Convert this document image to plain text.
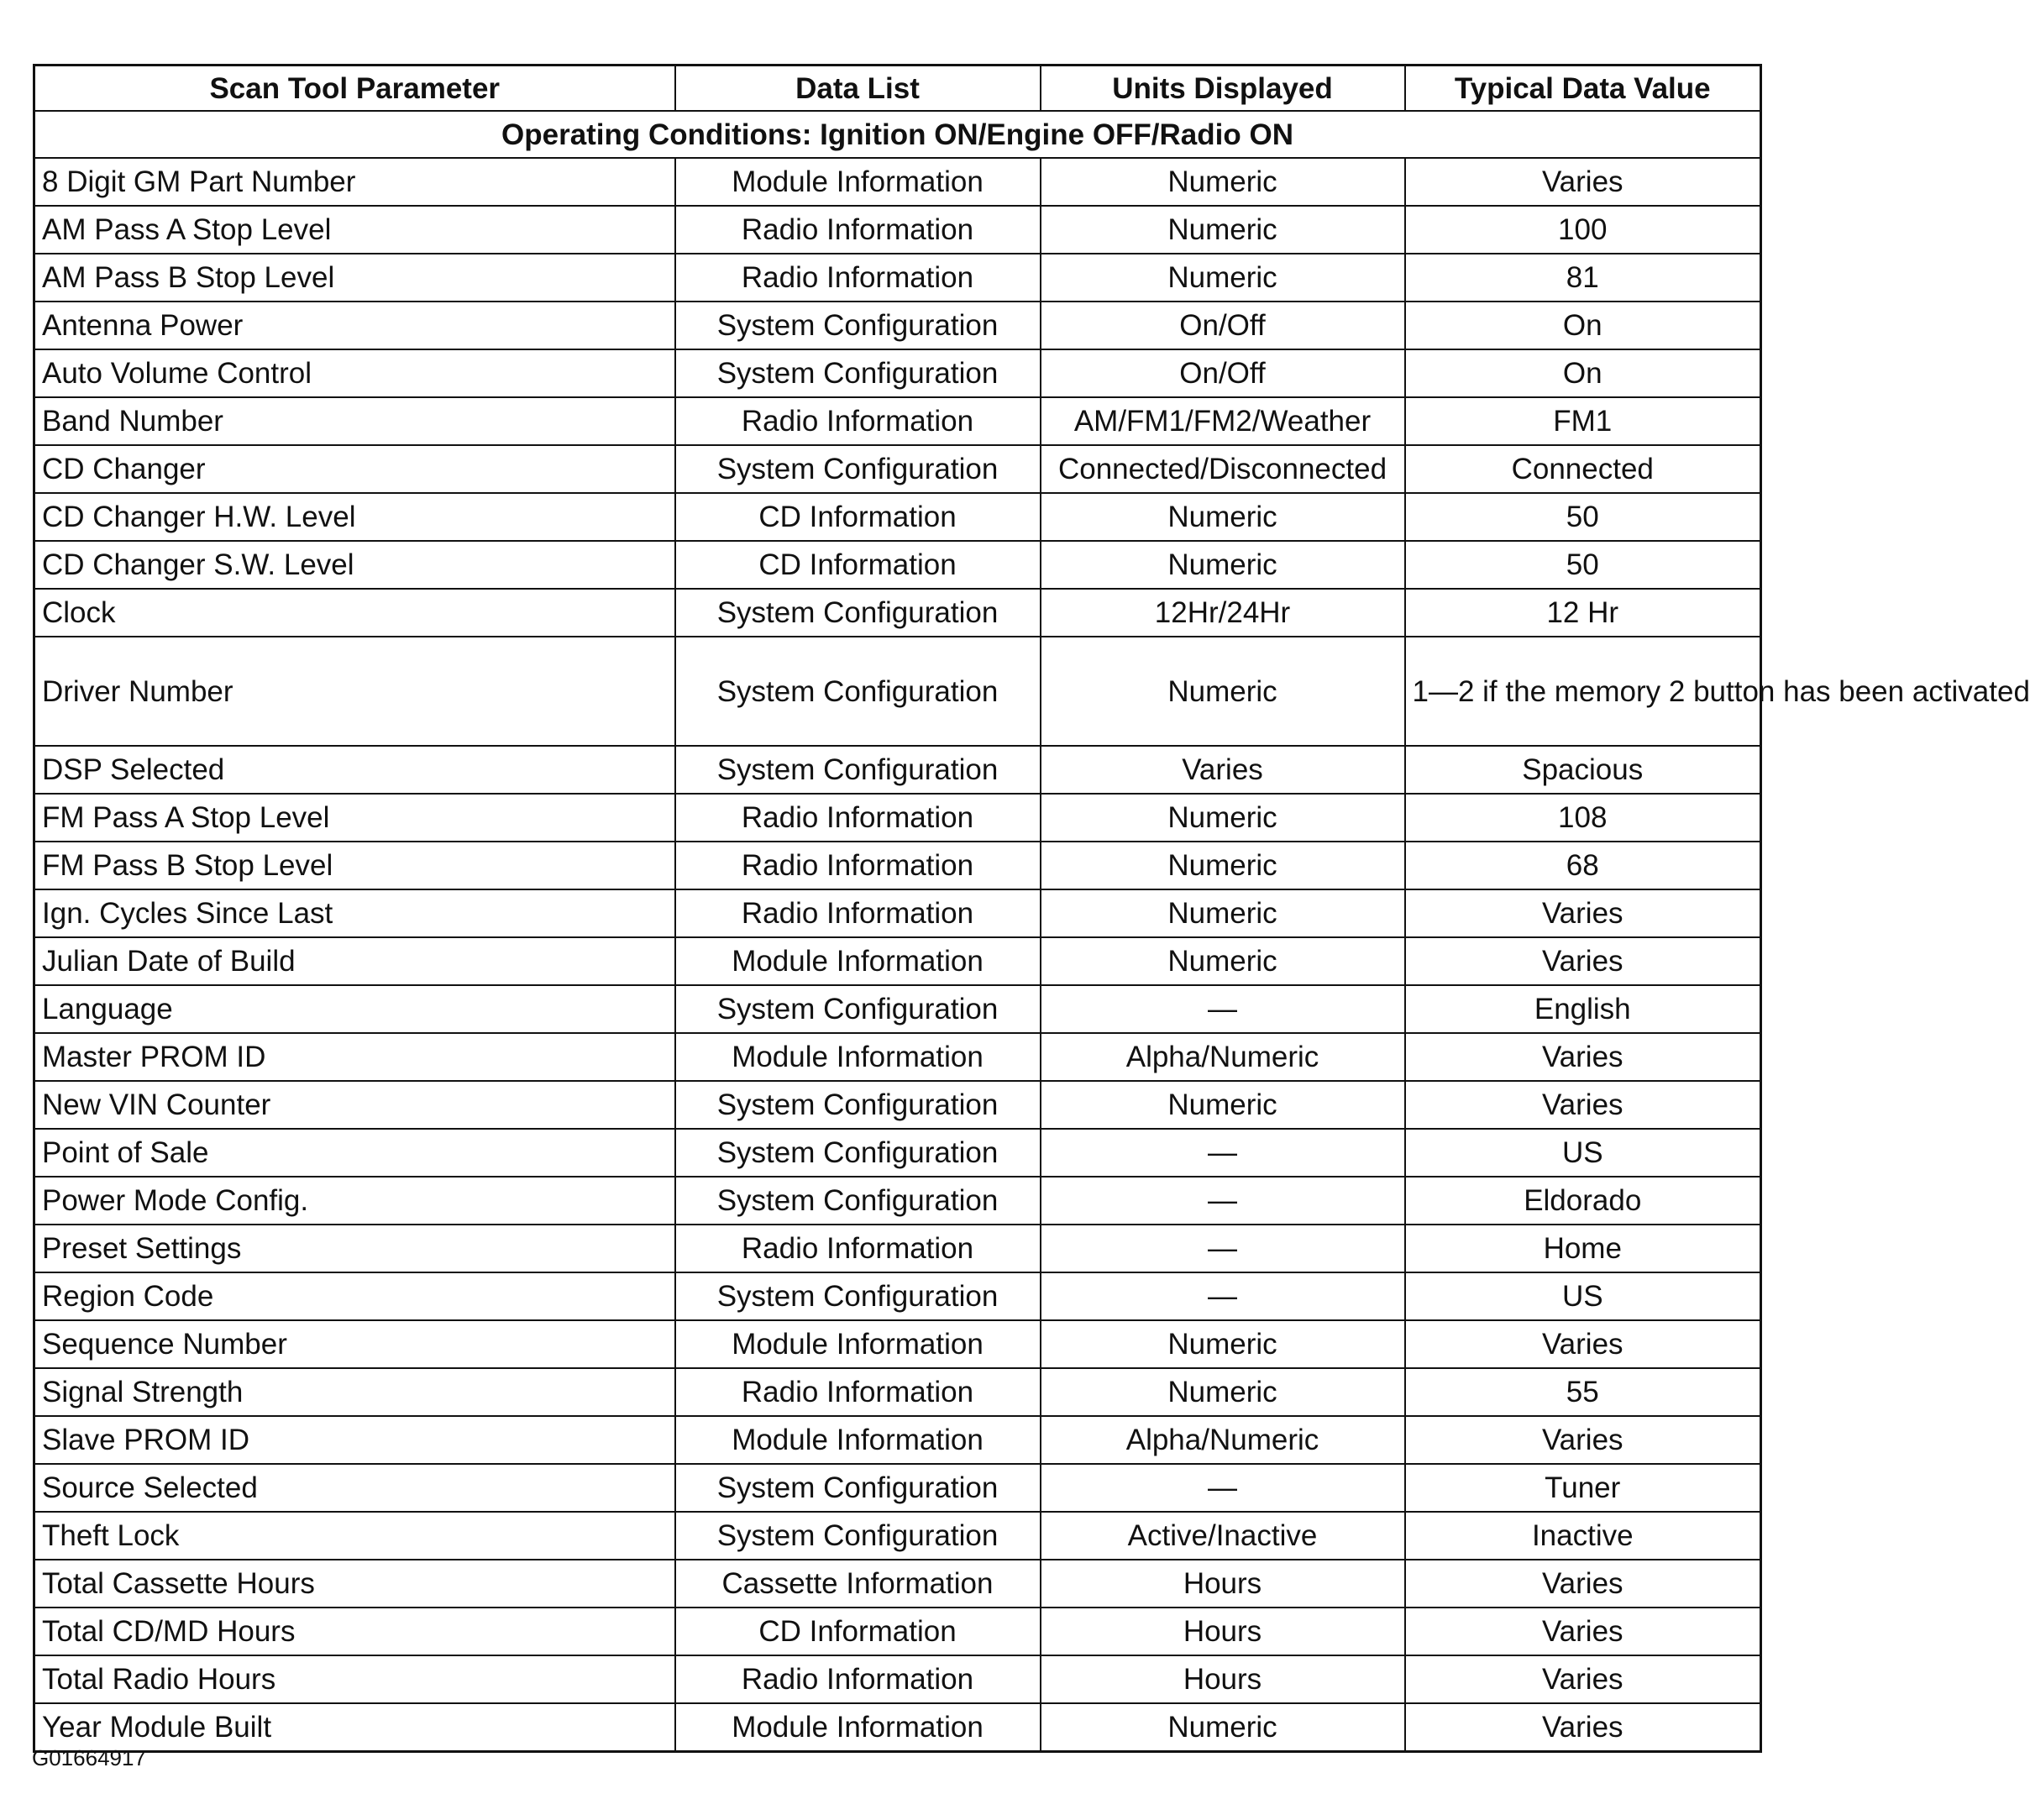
Scan Tool Parameter	Data List	Units Displayed	Typical Data Value
Operating Conditions: Ignition ON/Engine OFF/Radio ON			
8 Digit GM Part Number	Module Information	Numeric	Varies
AM Pass A Stop Level	Radio Information	Numeric	100
AM Pass B Stop Level	Radio Information	Numeric	81
Antenna Power	System Configuration	On/Off	On
Auto Volume Control	System Configuration	On/Off	On
Band Number	Radio Information	AM/FM1/FM2/Weather	FM1
CD Changer	System Configuration	Connected/Disconnected	Connected
CD Changer H.W. Level	CD Information	Numeric	50
CD Changer S.W. Level	CD Information	Numeric	50
Clock	System Configuration	12Hr/24Hr	12 Hr
Driver Number	System Configuration	Numeric	1—2 if the memory 2 button has been activated
DSP Selected	System Configuration	Varies	Spacious
FM Pass A Stop Level	Radio Information	Numeric	108
FM Pass B Stop Level	Radio Information	Numeric	68
Ign. Cycles Since Last	Radio Information	Numeric	Varies
Julian Date of Build	Module Information	Numeric	Varies
Language	System Configuration	—	English
Master PROM ID	Module Information	Alpha/Numeric	Varies
New VIN Counter	System Configuration	Numeric	Varies
Point of Sale	System Configuration	—	US
Power Mode Config.	System Configuration	—	Eldorado
Preset Settings	Radio Information	—	Home
Region Code	System Configuration	—	US
Sequence Number	Module Information	Numeric	Varies
Signal Strength	Radio Information	Numeric	55
Slave PROM ID	Module Information	Alpha/Numeric	Varies
Source Selected	System Configuration	—	Tuner
Theft Lock	System Configuration	Active/Inactive	Inactive
Total Cassette Hours	Cassette Information	Hours	Varies
Total CD/MD Hours	CD Information	Hours	Varies
Total Radio Hours	Radio Information	Hours	Varies
Year Module Built	Module Information	Numeric	Varies
G01664917
